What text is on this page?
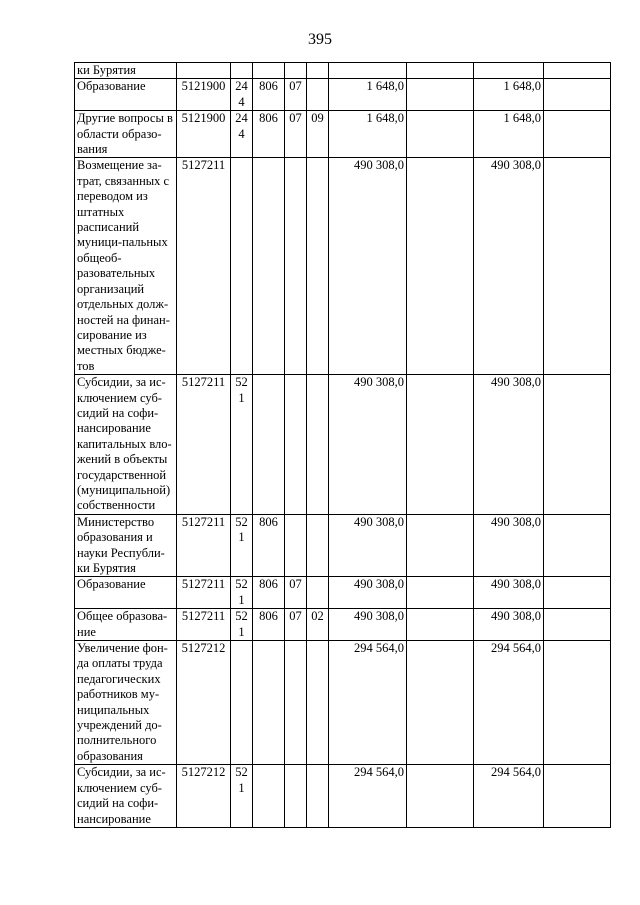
395
ки Бурятия									
Образование	5121900	244	806	07		1 648,0		1 648,0	
Другие вопросы в области образо-вания	5121900	244	806	07	09	1 648,0		1 648,0	
Возмещение за-трат, связанных с переводом из штатных расписаний муници-пальных общеоб-разовательных организаций отдельных долж-ностей на финан-сирование из местных бюдже-тов	5127211					490 308,0		490 308,0	
Субсидии, за ис-ключением суб-сидий на софи-нансирование капитальных вло-жений в объекты государственной (муниципальной) собственности	5127211	521				490 308,0		490 308,0	
Министерство образования и науки Республи-ки Бурятия	5127211	521	806			490 308,0		490 308,0	
Образование	5127211	521	806	07		490 308,0		490 308,0	
Общее образова-ние	5127211	521	806	07	02	490 308,0		490 308,0	
Увеличение фон-да оплаты труда педагогических работников му-ниципальных учреждений до-полнительного образования	5127212					294 564,0		294 564,0	
Субсидии, за ис-ключением суб-сидий на софи-нансирование	5127212	521				294 564,0		294 564,0	
